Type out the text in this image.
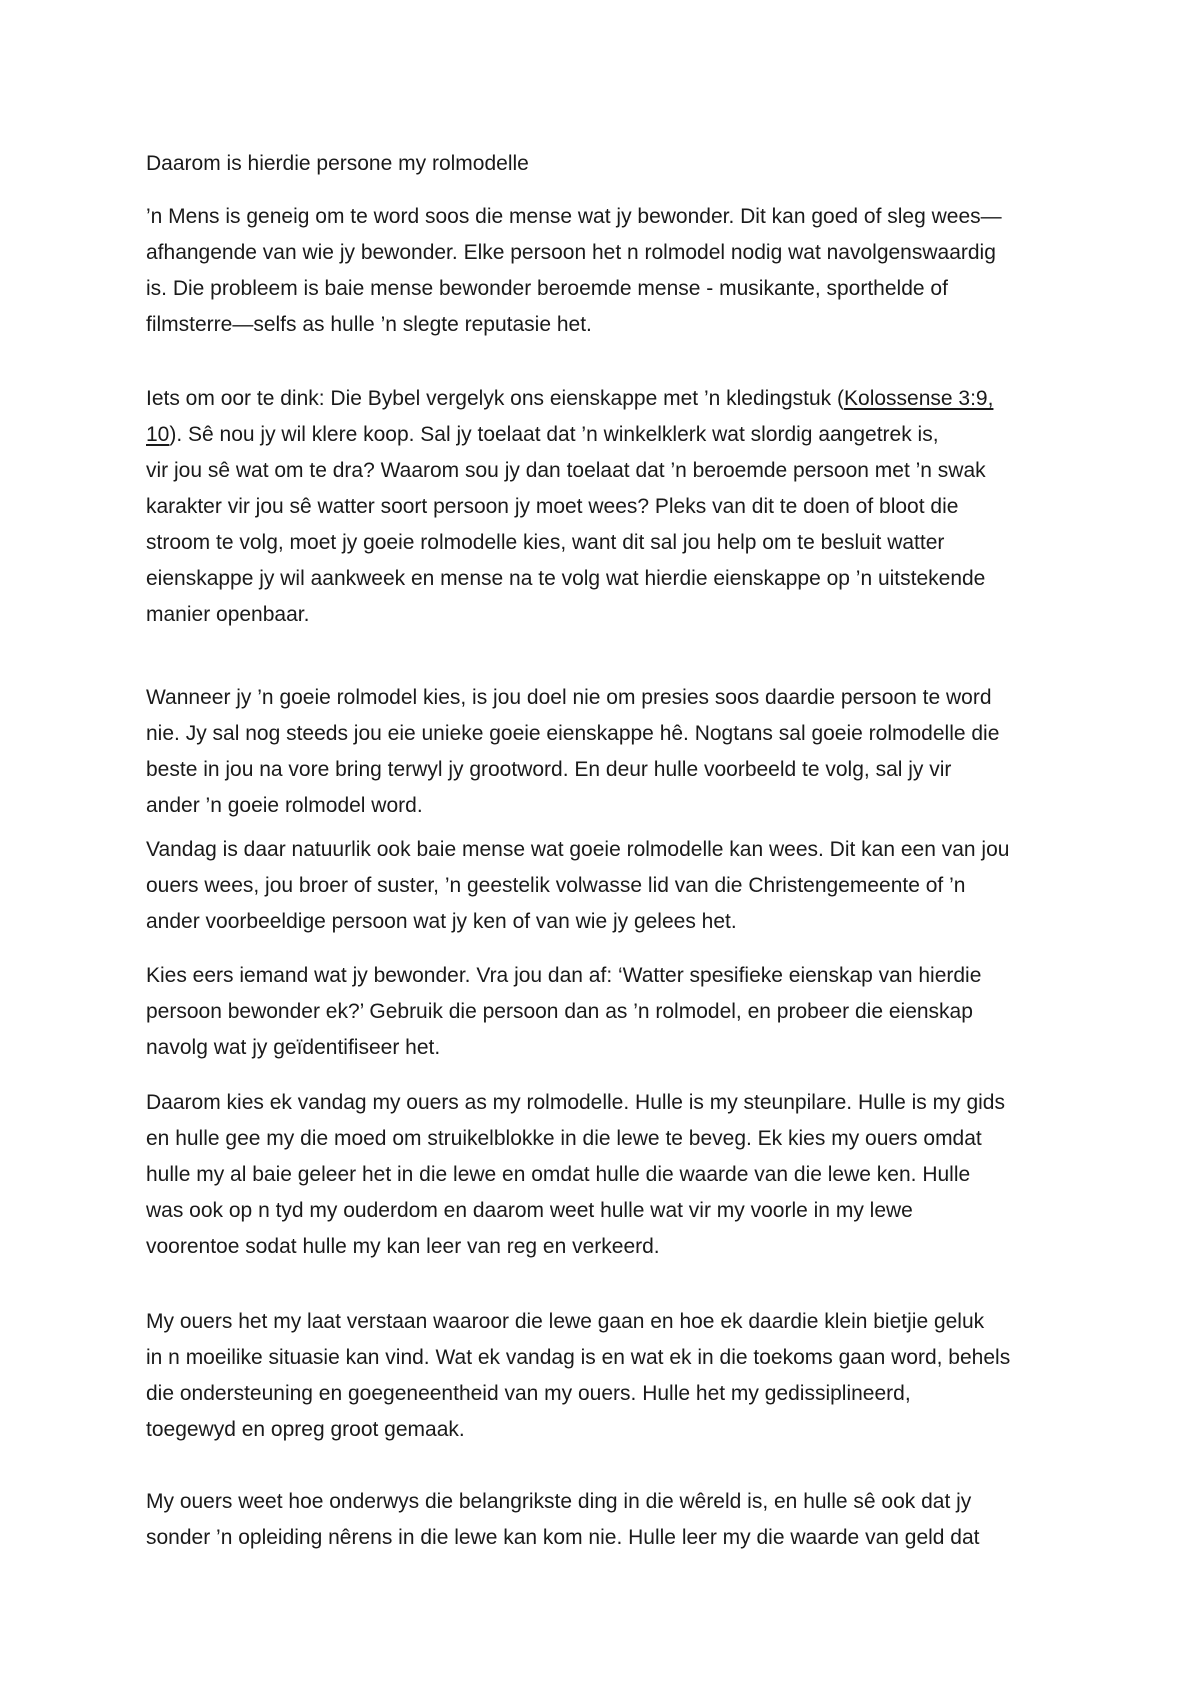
Daarom is hierdie persone my rolmodelle
’n Mens is geneig om te word soos die mense wat jy bewonder. Dit kan goed of sleg wees—
afhangende van wie jy bewonder. Elke persoon het n rolmodel nodig wat navolgenswaardig
is. Die probleem is baie mense bewonder beroemde mense - musikante, sporthelde of
filmsterre—selfs as hulle ’n slegte reputasie het.
Iets om oor te dink: Die Bybel vergelyk ons eienskappe met ’n kledingstuk (Kolossense 3:9,
10). Sê nou jy wil klere koop. Sal jy toelaat dat ’n winkelklerk wat slordig aangetrek is,
vir jou sê wat om te dra? Waarom sou jy dan toelaat dat ’n beroemde persoon met ’n swak
karakter vir jou sê watter soort persoon jy moet wees? Pleks van dit te doen of bloot die
stroom te volg, moet jy goeie rolmodelle kies, want dit sal jou help om te besluit watter
eienskappe jy wil aankweek en mense na te volg wat hierdie eienskappe op ’n uitstekende
manier openbaar.
Wanneer jy ’n goeie rolmodel kies, is jou doel nie om presies soos daardie persoon te word
nie. Jy sal nog steeds jou eie unieke goeie eienskappe hê. Nogtans sal goeie rolmodelle die
beste in jou na vore bring terwyl jy grootword. En deur hulle voorbeeld te volg, sal jy vir
ander ’n goeie rolmodel word.
Vandag is daar natuurlik ook baie mense wat goeie rolmodelle kan wees. Dit kan een van jou
ouers wees, jou broer of suster, ’n geestelik volwasse lid van die Christengemeente of ’n
ander voorbeeldige persoon wat jy ken of van wie jy gelees het.
Kies eers iemand wat jy bewonder. Vra jou dan af: ‘Watter spesifieke eienskap van hierdie
persoon bewonder ek?’ Gebruik die persoon dan as ’n rolmodel, en probeer die eienskap
navolg wat jy geïdentifiseer het.
Daarom kies ek vandag my ouers as my rolmodelle. Hulle is my steunpilare. Hulle is my gids
en hulle gee my die moed om struikelblokke in die lewe te beveg. Ek kies my ouers omdat
hulle my al baie geleer het in die lewe en omdat hulle die waarde van die lewe ken. Hulle
was ook op n tyd my ouderdom en daarom weet hulle wat vir my voorle in my lewe
voorentoe sodat hulle my kan leer van reg en verkeerd.
My ouers het my laat verstaan waaroor die lewe gaan en hoe ek daardie klein bietjie geluk
in n moeilike situasie kan vind. Wat ek vandag is en wat ek in die toekoms gaan word, behels
die ondersteuning en goegeneentheid van my ouers. Hulle het my gedissiplineerd,
toegewyd en opreg groot gemaak.
My ouers weet hoe onderwys die belangrikste ding in die wêreld is, en hulle sê ook dat jy
sonder ’n opleiding nêrens in die lewe kan kom nie. Hulle leer my die waarde van geld dat
